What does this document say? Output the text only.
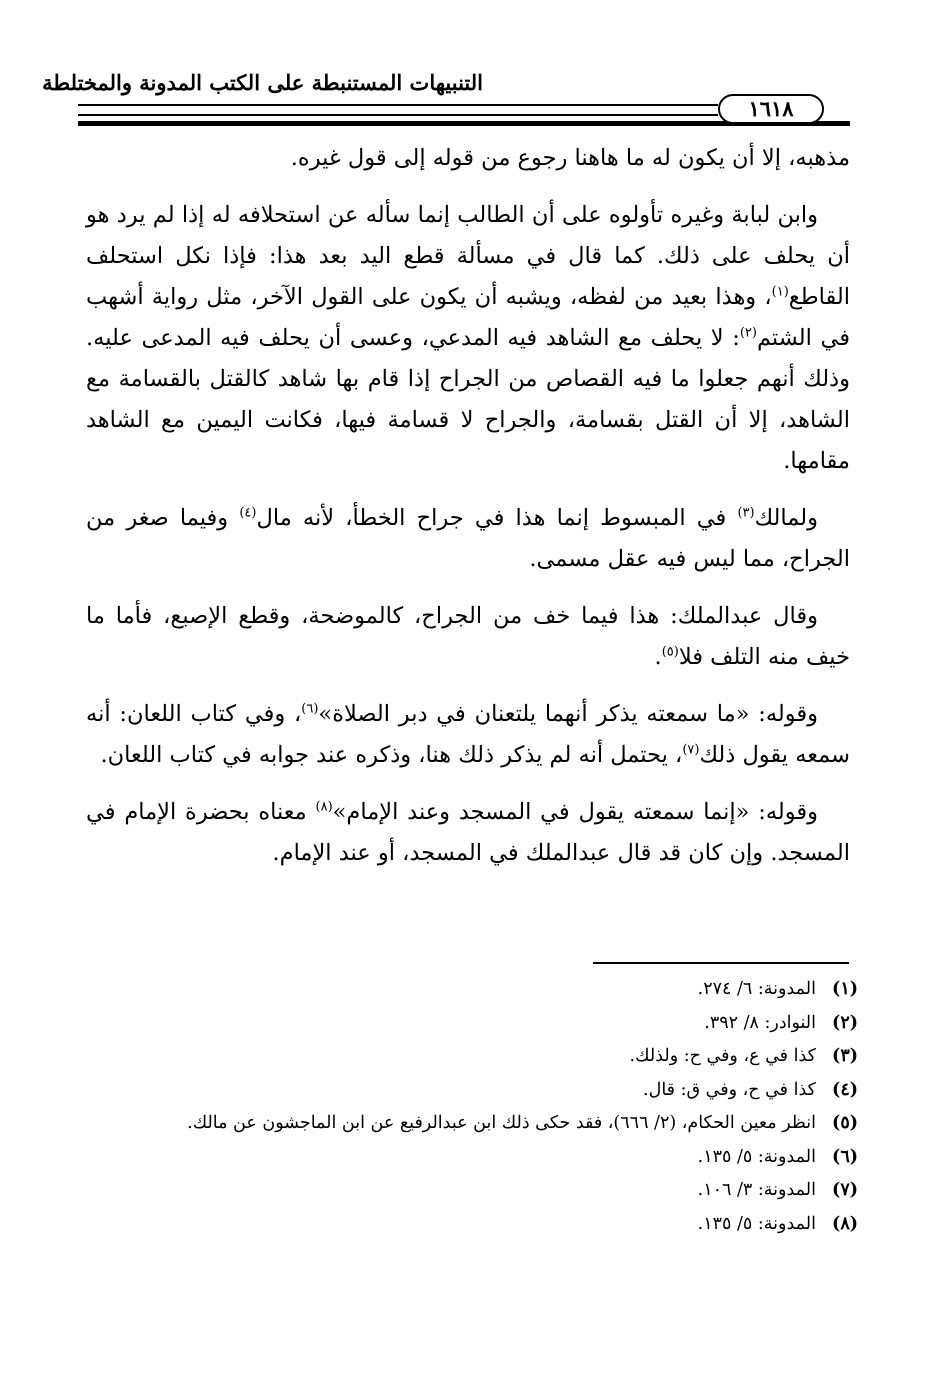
التنبيهات المستنبطة على الكتب المدونة والمختلطة
١٦١٨

مذهبه، إلا أن يكون له ما هاهنا رجوع من قوله إلى قول غيره.

وابن لبابة وغيره تأولوه على أن الطالب إنما سأله عن استحلافه له إذا لم يرد هو أن يحلف على ذلك. كما قال في مسألة قطع اليد بعد هذا: فإذا نكل استحلف القاطع$^{(١)}$، وهذا بعيد من لفظه، ويشبه أن يكون على القول الآخر، مثل رواية أشهب في الشتم$^{(٢)}$: لا يحلف مع الشاهد فيه المدعي، وعسى أن يحلف فيه المدعى عليه. وذلك أنهم جعلوا ما فيه القصاص من الجراح إذا قام بها شاهد كالقتل بالقسامة مع الشاهد، إلا أن القتل بقسامة، والجراح لا قسامة فيها، فكانت اليمين مع الشاهد مقامها.

ولمالك$^{(٣)}$ في المبسوط إنما هذا في جراح الخطأ، لأنه مال$^{(٤)}$ وفيما صغر من الجراح، مما ليس فيه عقل مسمى.

وقال عبدالملك: هذا فيما خف من الجراح، كالموضحة، وقطع الإصبع، فأما ما خيف منه التلف فلا$^{(٥)}$.

وقوله: «ما سمعته يذكر أنهما يلتعنان في دبر الصلاة»$^{(٦)}$، وفي كتاب اللعان: أنه سمعه يقول ذلك$^{(٧)}$، يحتمل أنه لم يذكر ذلك هنا، وذكره عند جوابه في كتاب اللعان.

وقوله: «إنما سمعته يقول في المسجد وعند الإمام»$^{(٨)}$ معناه بحضرة الإمام في المسجد. وإن كان قد قال عبدالملك في المسجد، أو عند الإمام.

(١)
المدونة: ٦/ ٢٧٤.
(٢)
النوادر: ٨/ ٣٩٢.
(٣)
كذا في ع، وفي ح: ولذلك.
(٤)
كذا في ح، وفي ق: قال.
(٥)
انظر معين الحكام، (٢/ ٦٦٦)، فقد حكى ذلك ابن عبدالرفيع عن ابن الماجشون عن مالك.
(٦)
المدونة: ٥/ ١٣٥.
(٧)
المدونة: ٣/ ١٠٦.
(٨)
المدونة: ٥/ ١٣٥.
